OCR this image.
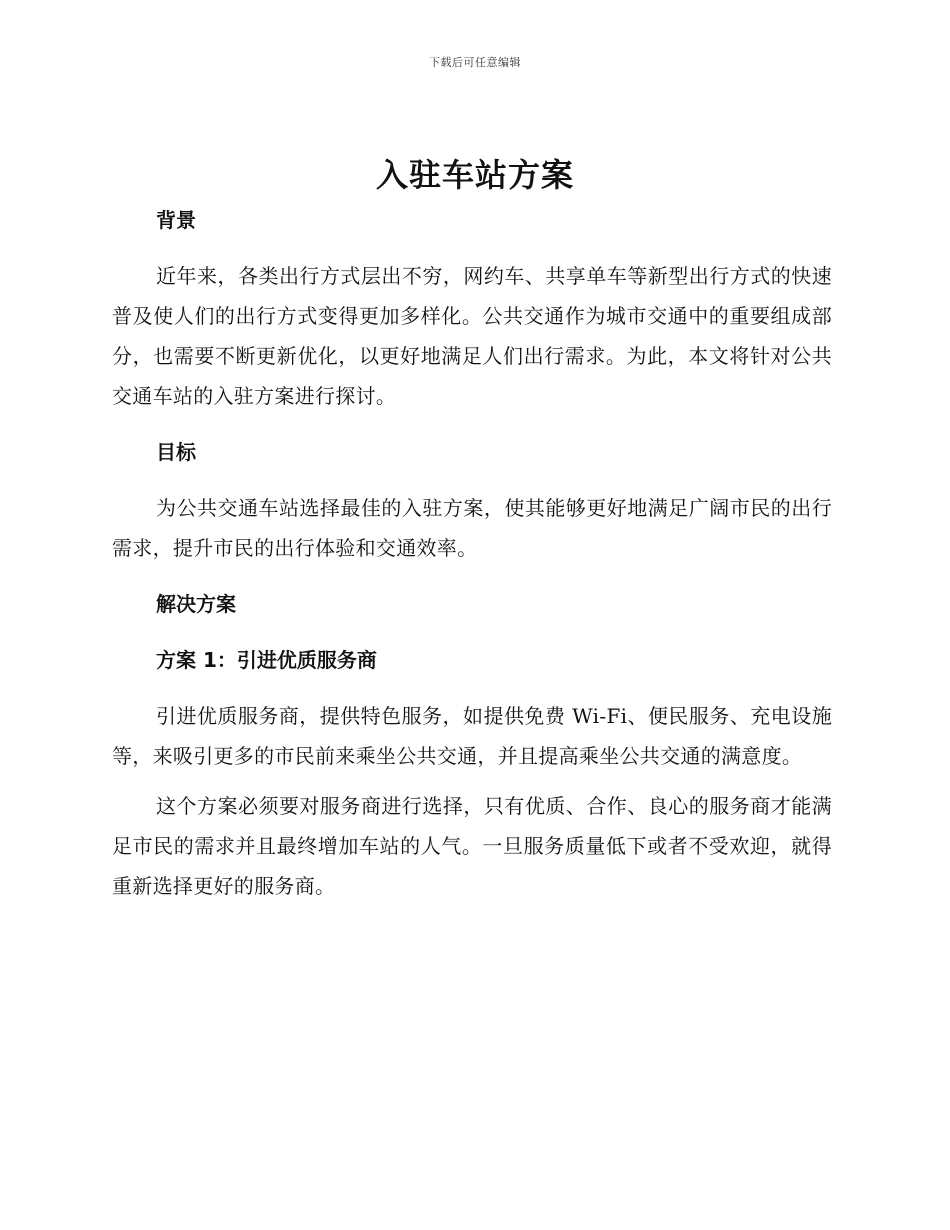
下载后可任意编辑
入驻车站方案
背景

近年来，各类出行方式层出不穷，网约车、共享单车等新型出行方式的快速普及使人们的出行方式变得更加多样化。公共交通作为城市交通中的重要组成部分，也需要不断更新优化，以更好地满足人们出行需求。为此，本文将针对公共交通车站的入驻方案进行探讨。

目标

为公共交通车站选择最佳的入驻方案，使其能够更好地满足广阔市民的出行需求，提升市民的出行体验和交通效率。

解决方案
方案 1：引进优质服务商

引进优质服务商，提供特色服务，如提供免费 Wi-Fi、便民服务、充电设施等，来吸引更多的市民前来乘坐公共交通，并且提高乘坐公共交通的满意度。

这个方案必须要对服务商进行选择，只有优质、合作、良心的服务商才能满足市民的需求并且最终增加车站的人气。一旦服务质量低下或者不受欢迎，就得重新选择更好的服务商。
